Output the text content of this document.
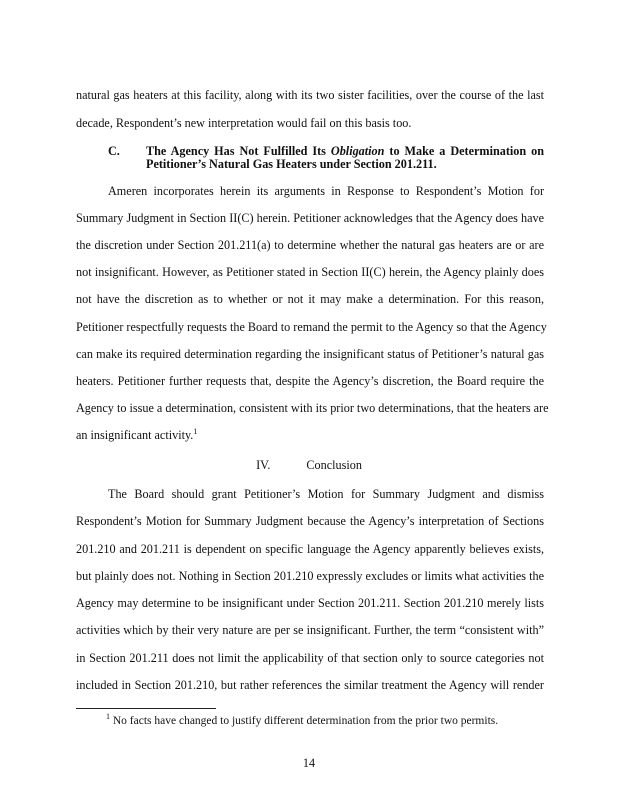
natural gas heaters at this facility, along with its two sister facilities, over the course of the last
decade, Respondent’s new interpretation would fail on this basis too.
C. The Agency Has Not Fulfilled Its Obligation to Make a Determination on
Petitioner’s Natural Gas Heaters under Section 201.211.
Ameren incorporates herein its arguments in Response to Respondent’s Motion for
Summary Judgment in Section II(C) herein. Petitioner acknowledges that the Agency does have
the discretion under Section 201.211(a) to determine whether the natural gas heaters are or are
not insignificant. However, as Petitioner stated in Section II(C) herein, the Agency plainly does
not have the discretion as to whether or not it may make a determination. For this reason,
Petitioner respectfully requests the Board to remand the permit to the Agency so that the Agency
can make its required determination regarding the insignificant status of Petitioner’s natural gas
heaters. Petitioner further requests that, despite the Agency’s discretion, the Board require the
Agency to issue a determination, consistent with its prior two determinations, that the heaters are
an insignificant activity.$^1$
IV.	Conclusion
The Board should grant Petitioner’s Motion for Summary Judgment and dismiss
Respondent’s Motion for Summary Judgment because the Agency’s interpretation of Sections
201.210 and 201.211 is dependent on specific language the Agency apparently believes exists,
but plainly does not. Nothing in Section 201.210 expressly excludes or limits what activities the
Agency may determine to be insignificant under Section 201.211. Section 201.210 merely lists
activities which by their very nature are per se insignificant. Further, the term “consistent with”
in Section 201.211 does not limit the applicability of that section only to source categories not
included in Section 201.210, but rather references the similar treatment the Agency will render
$^1$ No facts have changed to justify different determination from the prior two permits.
14
